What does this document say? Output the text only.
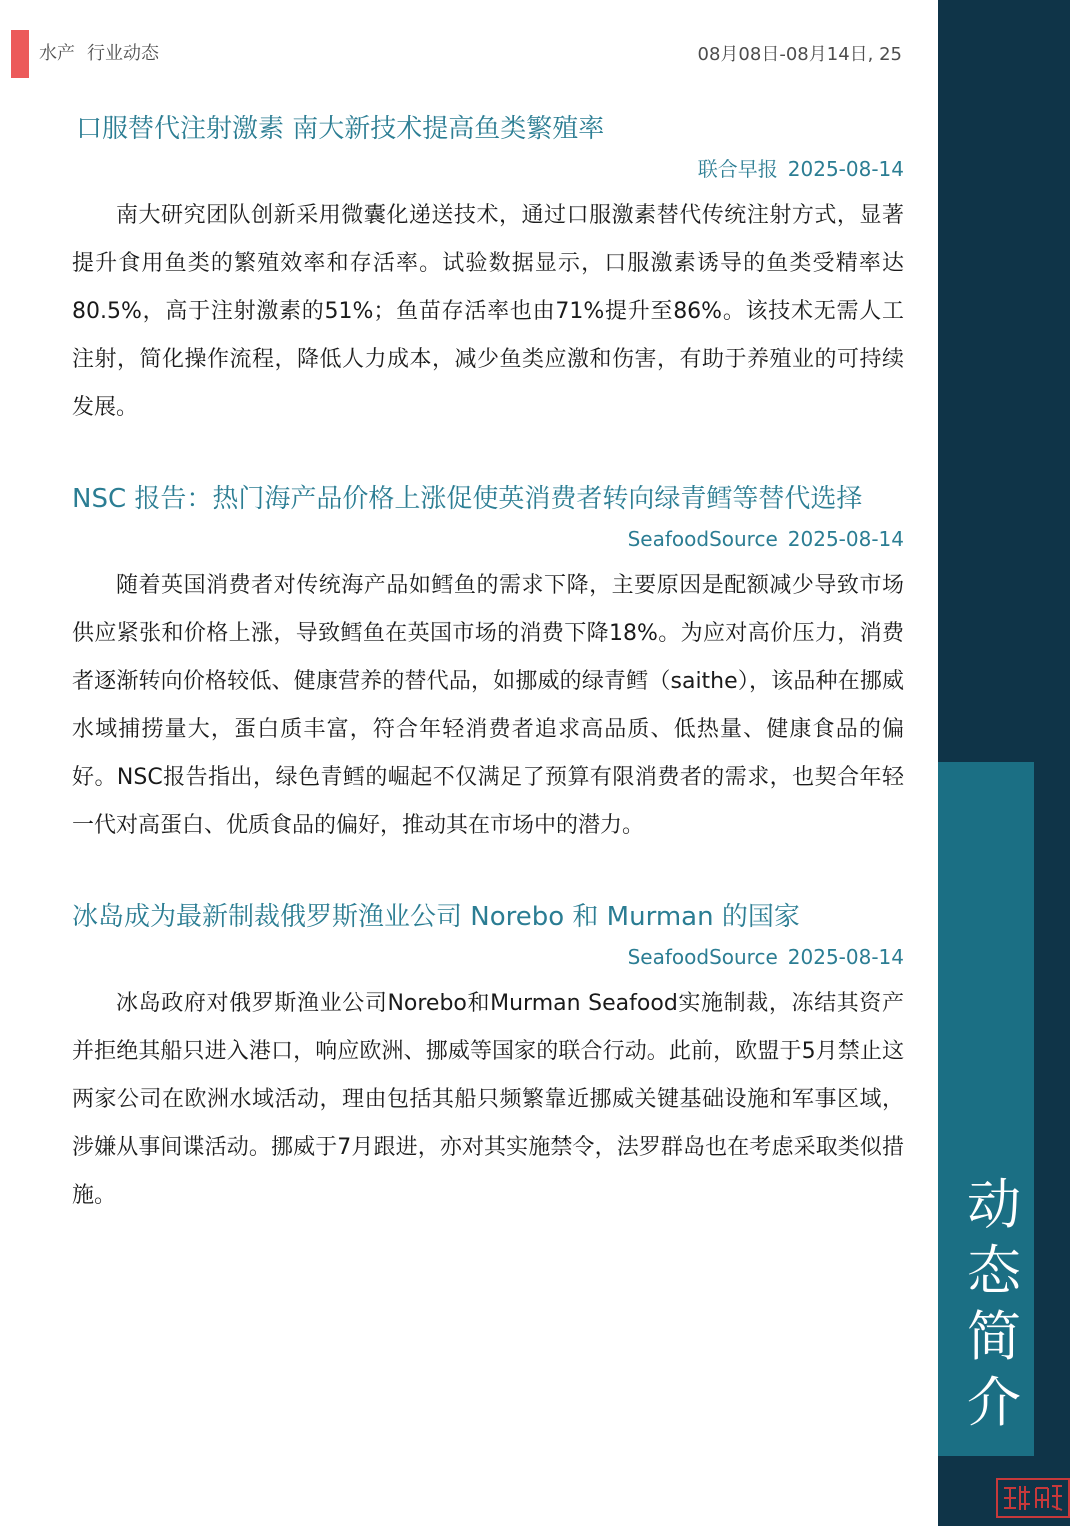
水产 行业动态	08月08日-08月14日, 25
动
态
简
介
口服替代注射激素 南大新技术提高鱼类繁殖率
联合早报 2025-08-14
南大研究团队创新采用微囊化递送技术，通过口服激素替代传统注射方式，显著提升食用鱼类的繁殖效率和存活率。试验数据显示，口服激素诱导的鱼类受精率达80.5%，高于注射激素的51%；鱼苗存活率也由71%提升至86%。该技术无需人工注射，简化操作流程，降低人力成本，减少鱼类应激和伤害，有助于养殖业的可持续发展。
NSC 报告：热门海产品价格上涨促使英消费者转向绿青鳕等替代选择
SeafoodSource 2025-08-14
随着英国消费者对传统海产品如鳕鱼的需求下降，主要原因是配额减少导致市场供应紧张和价格上涨，导致鳕鱼在英国市场的消费下降18%。为应对高价压力，消费者逐渐转向价格较低、健康营养的替代品，如挪威的绿青鳕（saithe），该品种在挪威水域捕捞量大，蛋白质丰富，符合年轻消费者追求高品质、低热量、健康食品的偏好。NSC报告指出，绿色青鳕的崛起不仅满足了预算有限消费者的需求，也契合年轻一代对高蛋白、优质食品的偏好，推动其在市场中的潜力。
冰岛成为最新制裁俄罗斯渔业公司 Norebo 和 Murman 的国家
SeafoodSource 2025-08-14
冰岛政府对俄罗斯渔业公司Norebo和Murman Seafood实施制裁，冻结其资产并拒绝其船只进入港口，响应欧洲、挪威等国家的联合行动。此前，欧盟于5月禁止这两家公司在欧洲水域活动，理由包括其船只频繁靠近挪威关键基础设施和军事区域，涉嫌从事间谍活动。挪威于7月跟进，亦对其实施禁令，法罗群岛也在考虑采取类似措施。
